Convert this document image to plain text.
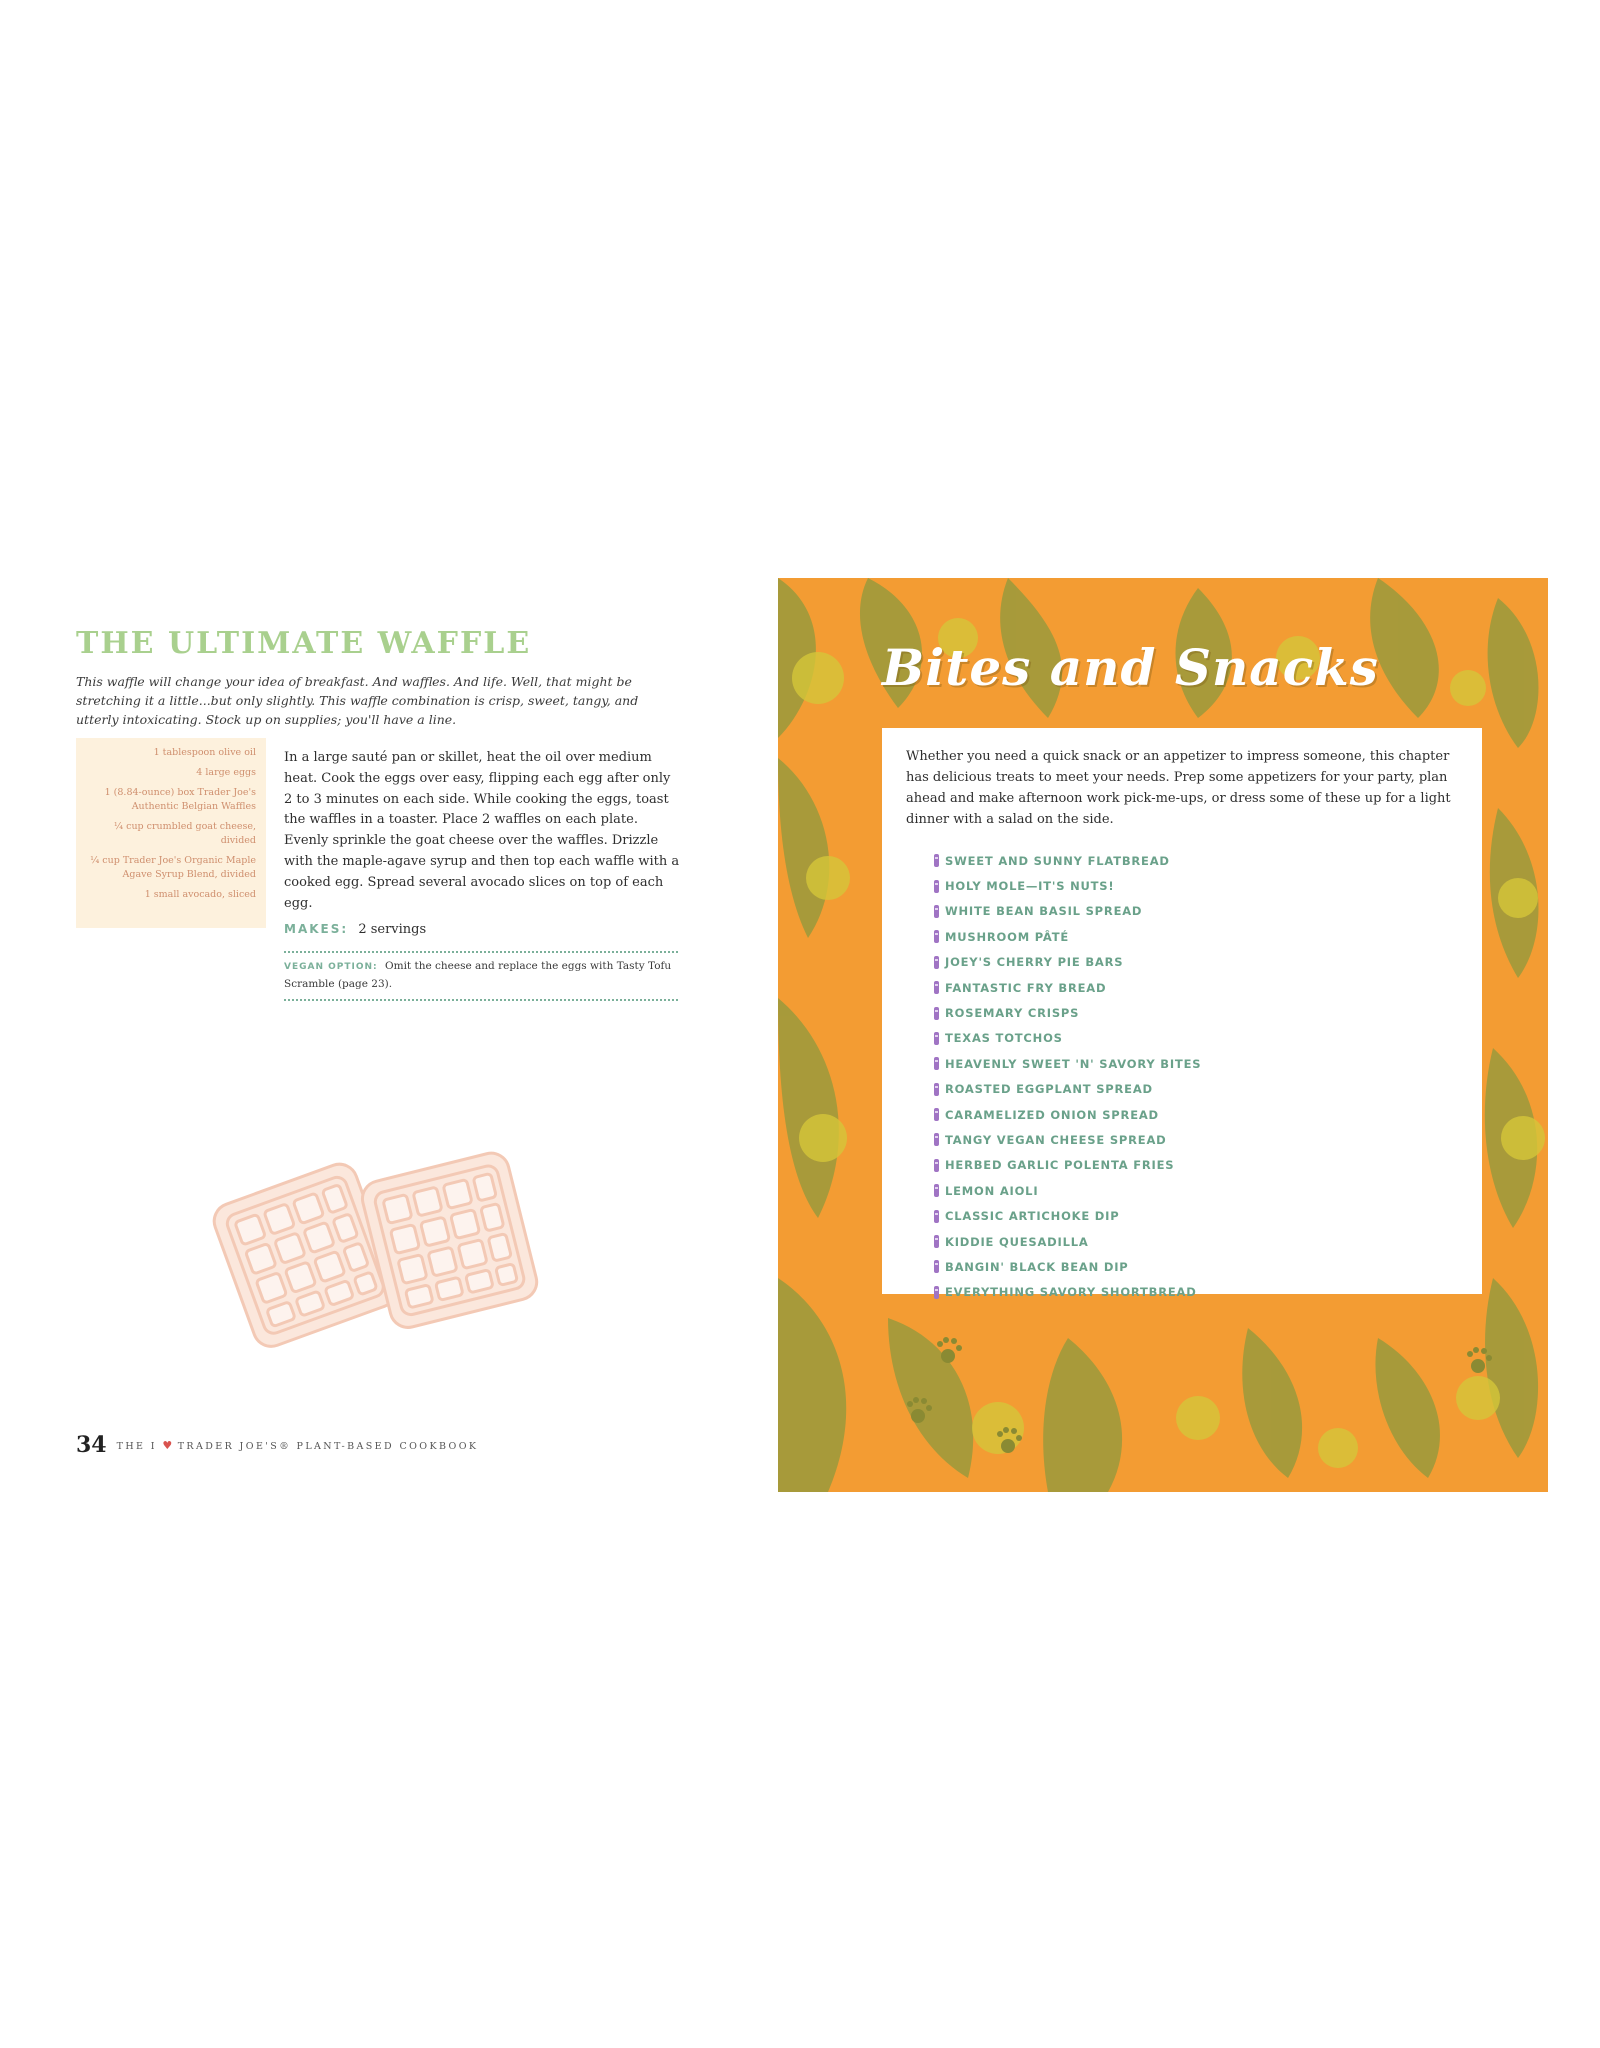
THE ULTIMATE WAFFLE

This waffle will change your idea of breakfast. And waffles. And life. Well, that might be stretching it a little...but only slightly. This waffle combination is crisp, sweet, tangy, and utterly intoxicating. Stock up on supplies; you'll have a line.

1 tablespoon olive oil

4 large eggs

1 (8.84-ounce) box Trader Joe's Authentic Belgian Waffles

¼ cup crumbled goat cheese, divided

¼ cup Trader Joe's Organic Maple Agave Syrup Blend, divided

1 small avocado, sliced

In a large sauté pan or skillet, heat the oil over medium heat. Cook the eggs over easy, flipping each egg after only 2 to 3 minutes on each side. While cooking the eggs, toast the waffles in a toaster. Place 2 waffles on each plate. Evenly sprinkle the goat cheese over the waffles. Drizzle with the maple-agave syrup and then top each waffle with a cooked egg. Spread several avocado slices on top of each egg.

MAKES: 2 servings
VEGAN OPTION: Omit the cheese and replace the eggs with Tasty Tofu Scramble (page 23).
34 THE I ♥ TRADER JOE'S® PLANT-BASED COOKBOOK
Bites and Snacks

Whether you need a quick snack or an appetizer to impress someone, this chapter has delicious treats to meet your needs. Prep some appetizers for your party, plan ahead and make afternoon work pick-me-ups, or dress some of these up for a light dinner with a salad on the side.

SWEET AND SUNNY FLATBREAD
HOLY MOLE—IT'S NUTS!
WHITE BEAN BASIL SPREAD
MUSHROOM PÂTÉ
JOEY'S CHERRY PIE BARS
FANTASTIC FRY BREAD
ROSEMARY CRISPS
TEXAS TOTCHOS
HEAVENLY SWEET 'N' SAVORY BITES
ROASTED EGGPLANT SPREAD
CARAMELIZED ONION SPREAD
TANGY VEGAN CHEESE SPREAD
HERBED GARLIC POLENTA FRIES
LEMON AIOLI
CLASSIC ARTICHOKE DIP
KIDDIE QUESADILLA
BANGIN' BLACK BEAN DIP
EVERYTHING SAVORY SHORTBREAD
